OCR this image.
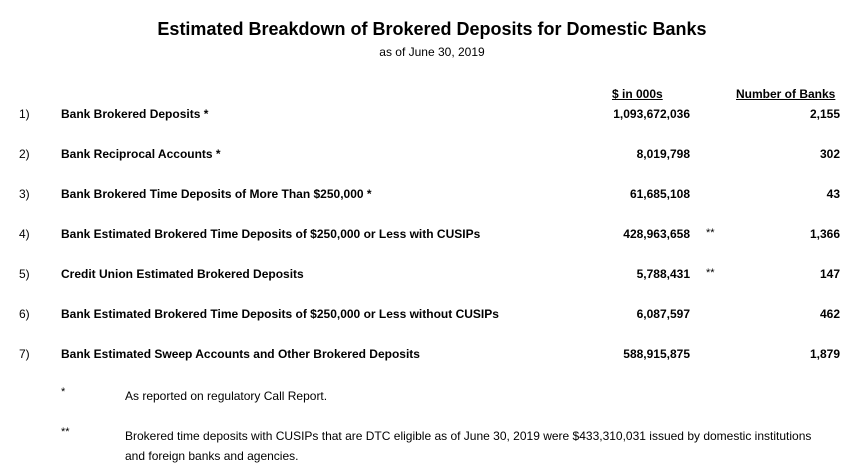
Estimated Breakdown of Brokered Deposits for Domestic Banks
as of June 30, 2019
$ in 000s	Number of Banks
1)	Bank Brokered Deposits *	1,093,672,036	2,155
2)	Bank Reciprocal Accounts *	8,019,798	302
3)	Bank Brokered Time Deposits of More Than $250,000 *	61,685,108	43
4)	Bank Estimated Brokered Time Deposits of $250,000 or Less with CUSIPs	428,963,658 **	1,366
5)	Credit Union Estimated Brokered Deposits	5,788,431 **	147
6)	Bank Estimated Brokered Time Deposits of $250,000 or Less without CUSIPs	6,087,597	462
7)	Bank Estimated Sweep Accounts and Other Brokered Deposits	588,915,875	1,879
*	As reported on regulatory Call Report.
**	Brokered time deposits with CUSIPs that are DTC eligible as of June 30, 2019 were $433,310,031 issued by domestic institutions and foreign banks and agencies.
